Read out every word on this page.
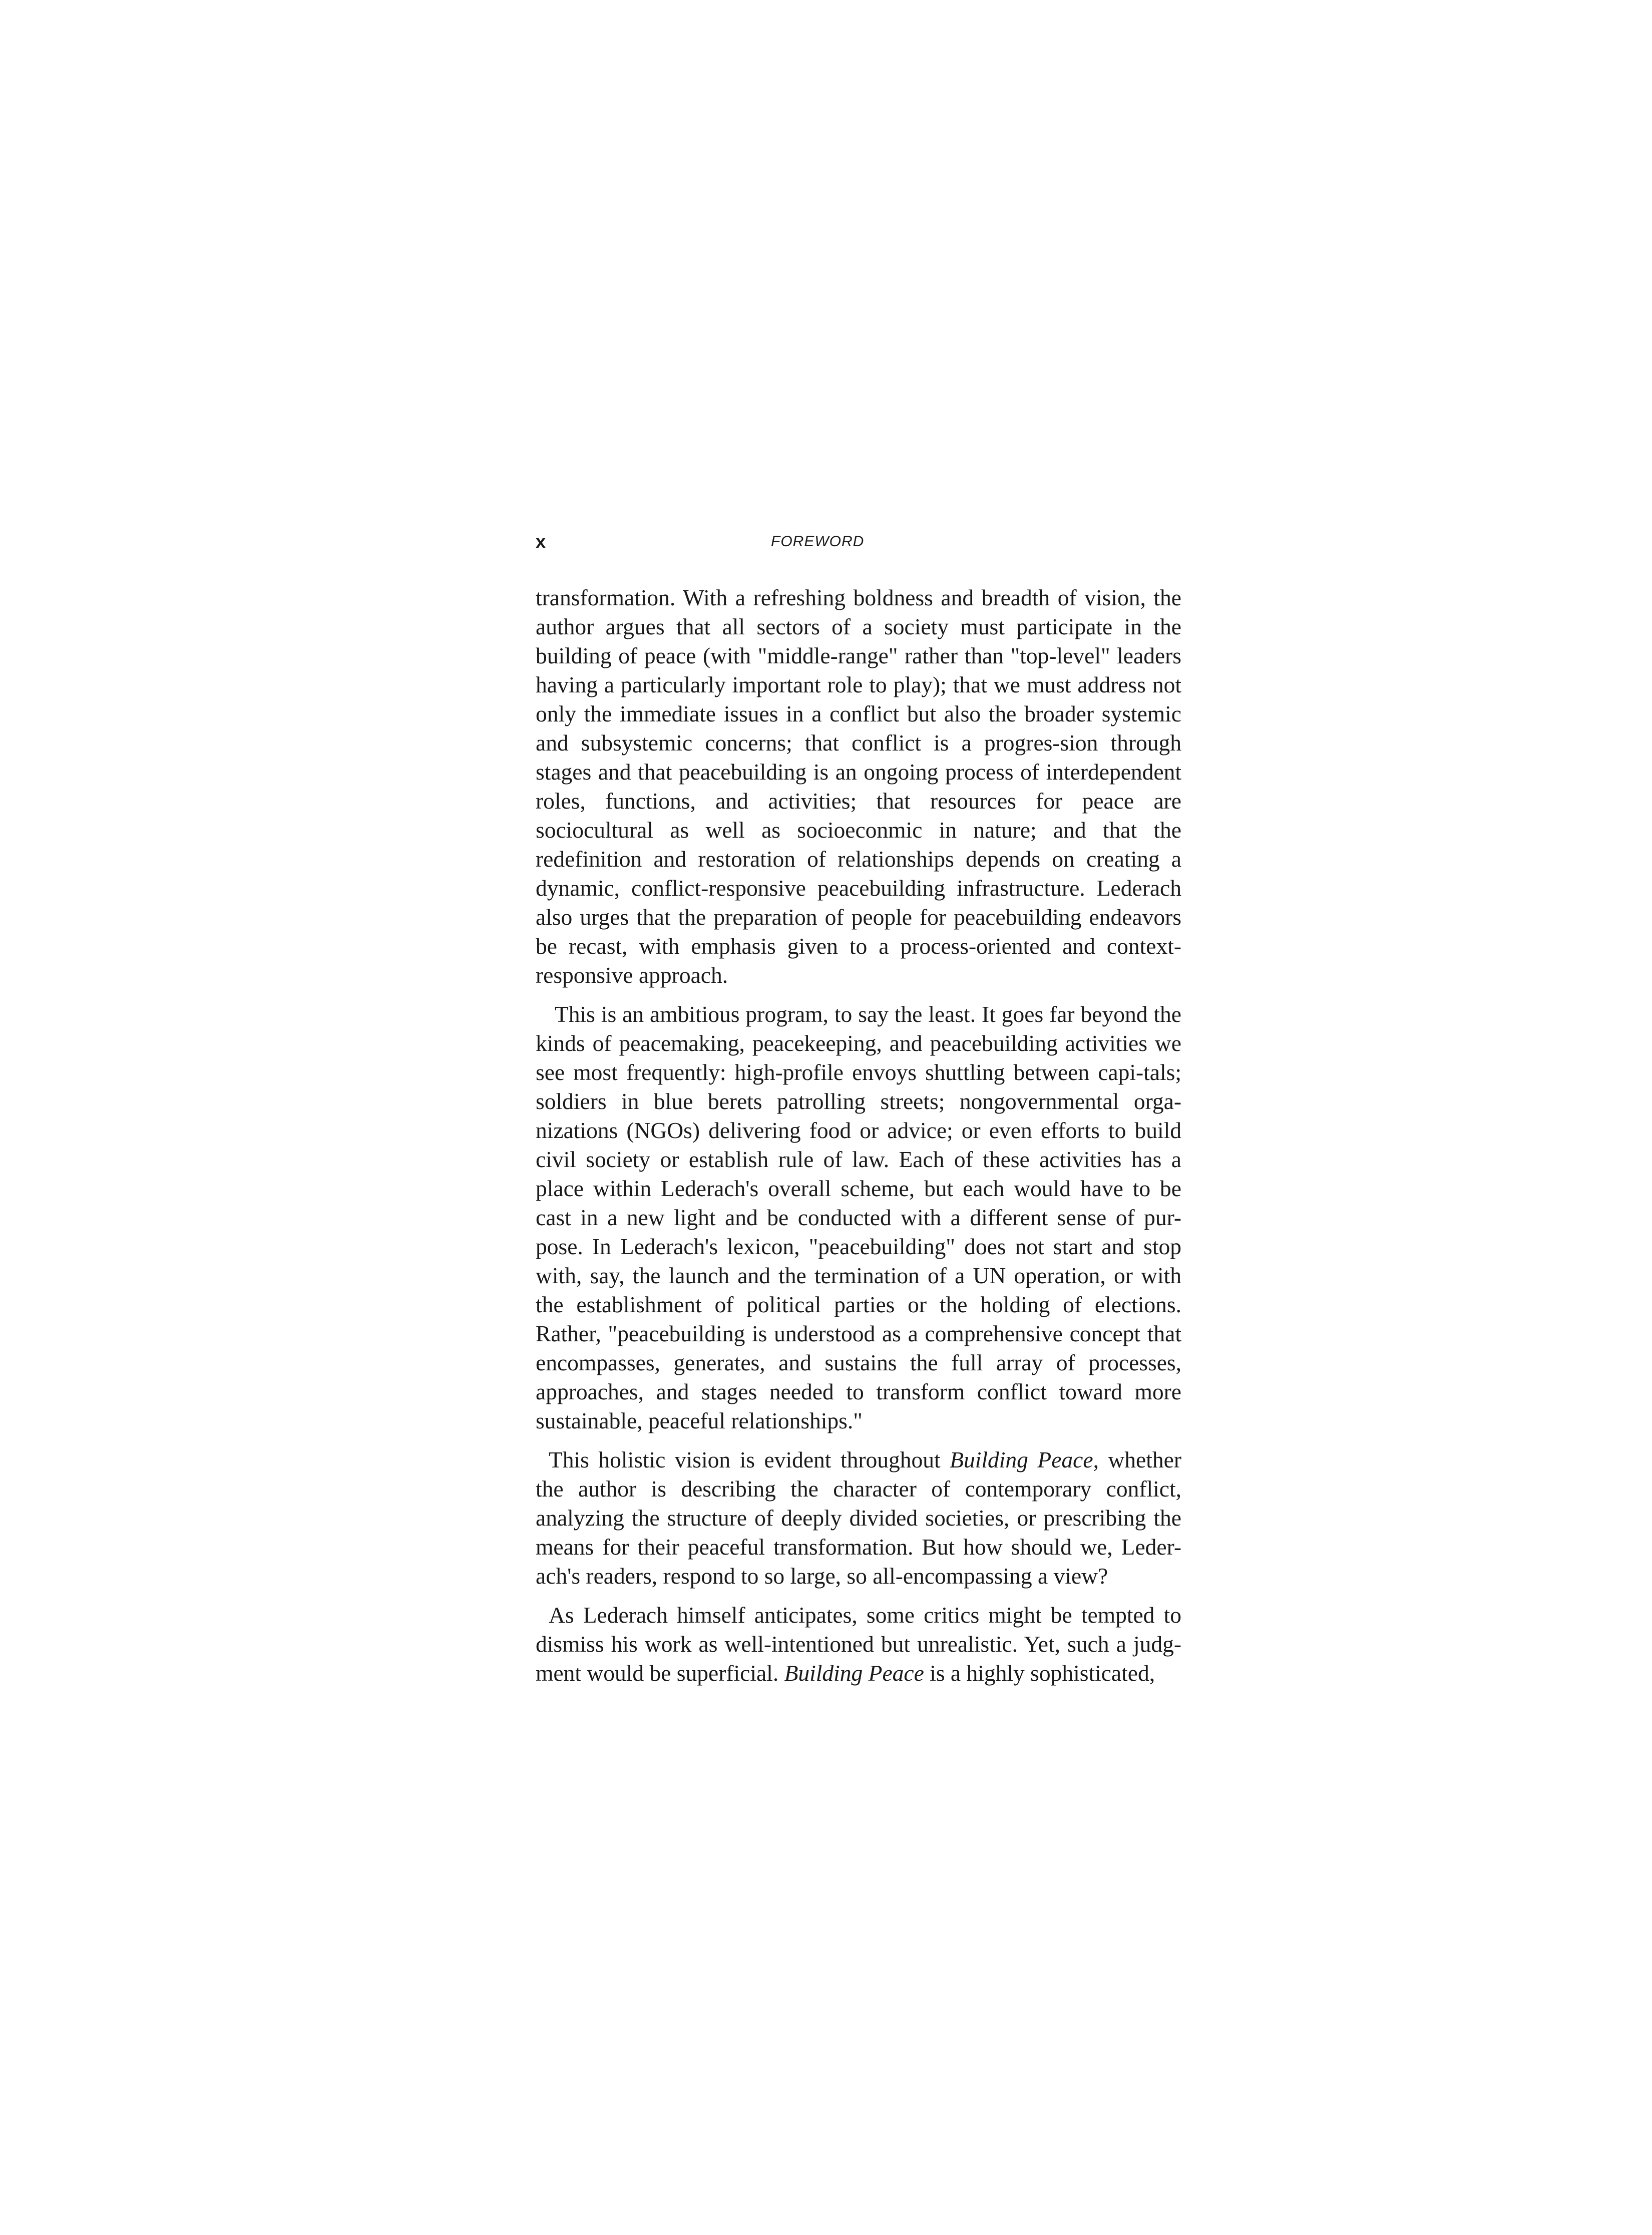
x	FOREWORD

transformation. With a refreshing boldness and breadth of vision, the author argues that all sectors of a society must participate in the building of peace (with "middle-range" rather than "top-level" leaders having a particularly important role to play); that we must address not only the immediate issues in a conflict but also the broader systemic and subsystemic concerns; that conflict is a progres-sion through stages and that peacebuilding is an ongoing process of interdependent roles, functions, and activities; that resources for peace are sociocultural as well as socioeconmic in nature; and that the redefinition and restoration of relationships depends on creating a dynamic, conflict-responsive peacebuilding infrastructure. Lederach also urges that the preparation of people for peacebuilding endeavors be recast, with emphasis given to a process-oriented and context-responsive approach.

This is an ambitious program, to say the least. It goes far beyond the kinds of peacemaking, peacekeeping, and peacebuilding activities we see most frequently: high-profile envoys shuttling between capi-tals; soldiers in blue berets patrolling streets; nongovernmental orga-nizations (NGOs) delivering food or advice; or even efforts to build civil society or establish rule of law. Each of these activities has a place within Lederach's overall scheme, but each would have to be cast in a new light and be conducted with a different sense of pur-pose. In Lederach's lexicon, "peacebuilding" does not start and stop with, say, the launch and the termination of a UN operation, or with the establishment of political parties or the holding of elections. Rather, "peacebuilding is understood as a comprehensive concept that encompasses, generates, and sustains the full array of processes, approaches, and stages needed to transform conflict toward more sustainable, peaceful relationships."

This holistic vision is evident throughout Building Peace, whether the author is describing the character of contemporary conflict, analyzing the structure of deeply divided societies, or prescribing the means for their peaceful transformation. But how should we, Leder-ach's readers, respond to so large, so all-encompassing a view?

As Lederach himself anticipates, some critics might be tempted to dismiss his work as well-intentioned but unrealistic. Yet, such a judg-ment would be superficial. Building Peace is a highly sophisticated,
